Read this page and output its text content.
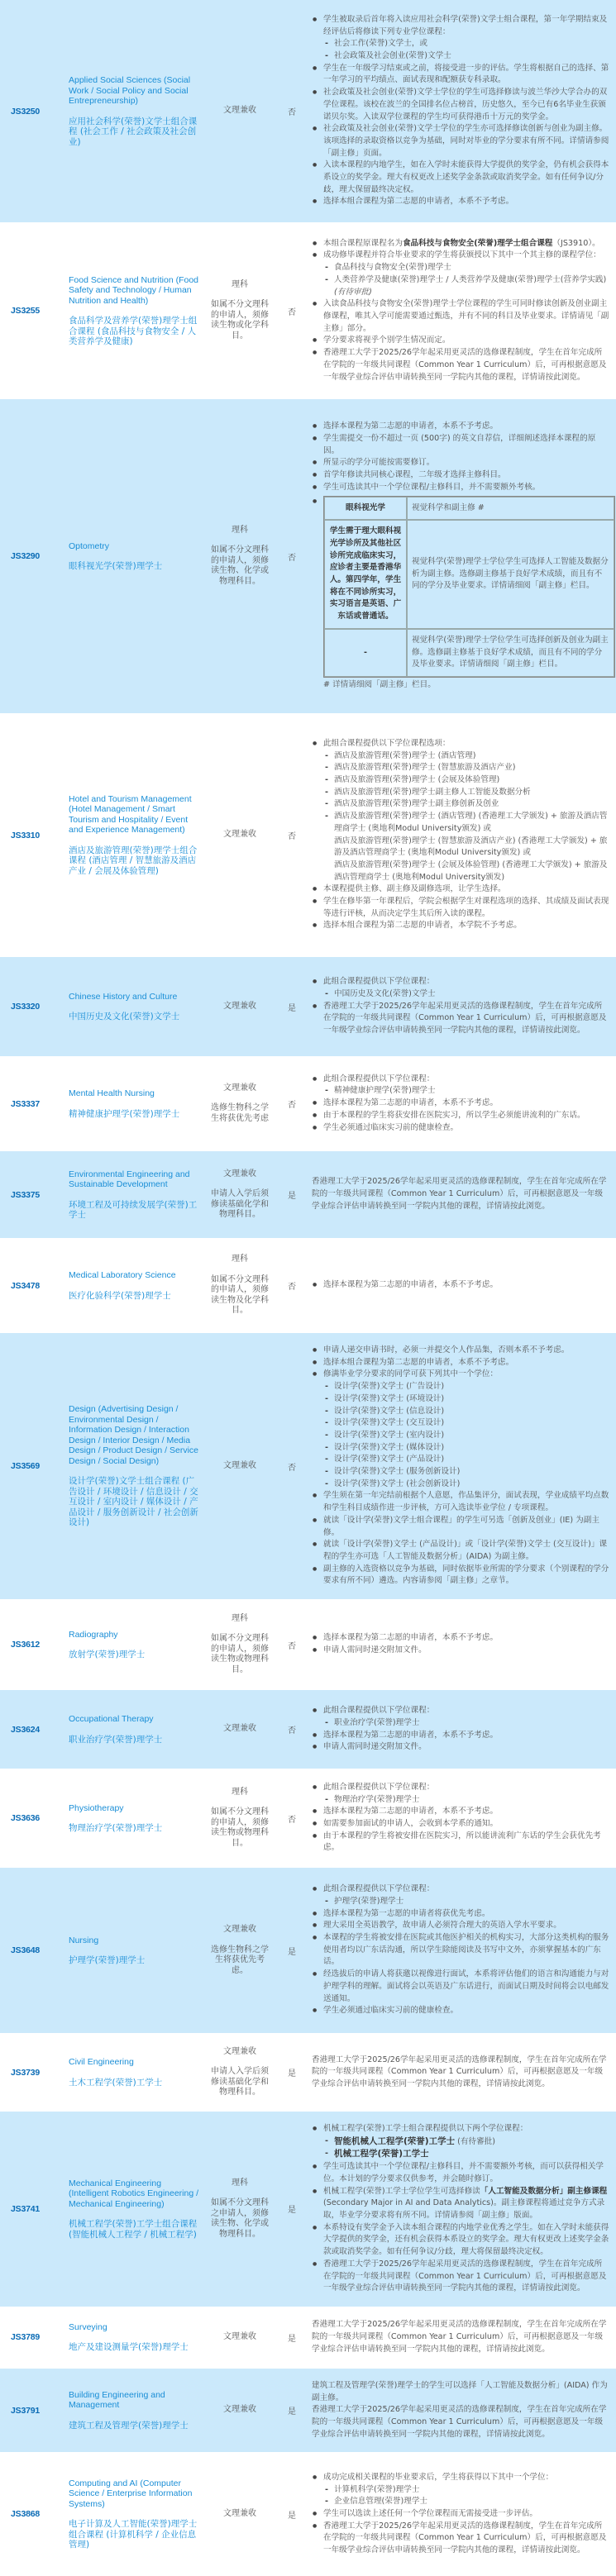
JS3250	
Applied Social Sciences (Social Work / Social Policy and Social Entrepreneurship)
应用社会科学(荣誉)文学士组合课程 (社会工作 / 社会政策及社会创业)

文理兼收	否	
● 学生被取录后首年将入读应用社会科学(荣誉)文学士组合课程，第一年学期结束及经评估后将修读下列专业学位课程：
- 社会工作(荣誉)文学士，或
- 社会政策及社会创业(荣誉)文学士
● 学生在一年级学习结束或之前，将接受进一步的评估。学生将根据自己的选择、第一年学习的平均绩点、面试表现和配额获专科录取。
● 社会政策及社会创业(荣誉)文学士学位的学生可选择修读与波兰华沙大学合办的双学位课程。该校在波兰的全国排名位占榜首，历史悠久，至今已有6名毕业生获颁诺贝尔奖。入读双学位课程的学生均可获得港币十万元的奖学金。
● 社会政策及社会创业(荣誉)文学士学位的学生亦可选择修读创新与创业为副主修。该项选择的录取资格以竞争为基础，同时对毕业的学分要求有所不同。详情请参阅「副主修」页面。
● 入读本课程的内地学生，如在入学时未能获得大学提供的奖学金，仍有机会获得本系设立的奖学金。理大有权更改上述奖学金条款或取消奖学金。如有任何争议/分歧，理大保留最终决定权。
● 选择本组合课程为第二志愿的申请者，本系不予考虑。

JS3255	
Food Science and Nutrition (Food Safety and Technology / Human Nutrition and Health)
食品科学及营养学(荣誉)理学士组合课程 (食品科技与食物安全 / 人类营养学及健康)

理科
如属不分文理科的申请人，须修读生物或化学科目。
	否	
● 本组合课程原课程名为食品科技与食物安全(荣誉)理学士组合课程（JS3910）。
● 成功修毕课程并符合毕业要求的学生将获颁授以下其中一个其主修的课程学位：
- 食品科技与食物安全(荣誉)理学士
- 人类营养学及健康(荣誉)理学士 / 人类营养学及健康(荣誉)理学士(营养学实践)
(有待审批)
● 入读食品科技与食物安全(荣誉)理学士学位课程的学生可同时修读创新及创业副主修课程，唯其入学可能需要通过甄选，并有不同的科目及毕业要求。详情请见「副主修」部分。
● 学分要求将视乎个别学生情况而定。
● 香港理工大学于2025/26学年起采用更灵活的选修课程制度，学生在首年完成所在学院的一年级共同课程（Common Year 1 Curriculum）后，可再根据意愿及一年级学业综合评估申请转换至同一学院内其他的课程，详情请按此浏览。

JS3290	
Optometry
眼科视光学(荣誉)理学士

理科
如属不分文理科的申请人，须修读生物、化学或物理科目。
	否	
● 选择本课程为第二志愿的申请者，本系不予考虑。
● 学生需提交一份不超过一页 (500字) 的英文自荐信，详细阐述选择本课程的原因。
● 所显示的学分可能按需要修订。
● 首学年修读共同核心课程，二年级才选择主修科目。
● 学生可选读其中一个学位课程/主修科目，并不需要额外考核。
● 眼科视光学	视觉科学和副主修 #
学生需于理大眼科视光学诊所及其他社区诊所完成临床实习，应诊者主要是香港华人。第四学年，学生将在不同诊所实习，实习语言是英语、广东话或普通话。	视觉科学(荣誉)理学士学位学生可选择人工智能及数据分析为副主修。选修副主修基于良好学术成绩，而且有不同的学分及毕业要求。详情请细阅「副主修」栏目。
-	视觉科学(荣誉)理学士学位学生可选择创新及创业为副主修。选修副主修基于良好学术成绩，而且有不同的学分及毕业要求。详情请细阅「副主修」栏目。
# 详情请细阅「副主修」栏目。

JS3310	
Hotel and Tourism Management (Hotel Management / Smart Tourism and Hospitality / Event and Experience Management)
酒店及旅游管理(荣誉)理学士组合课程 (酒店管理 / 智慧旅游及酒店产业 / 会展及体验管理)

文理兼收	否	
● 此组合课程提供以下学位课程选项：
- 酒店及旅游管理(荣誉)理学士 (酒店管理)
- 酒店及旅游管理(荣誉)理学士 (智慧旅游及酒店产业)
- 酒店及旅游管理(荣誉)理学士 (会展及体验管理)
- 酒店及旅游管理(荣誉)理学士副主修人工智能及数据分析
- 酒店及旅游管理(荣誉)理学士副主修创新及创业
- 酒店及旅游管理(荣誉)理学士 (酒店管理) (香港理工大学颁发) + 旅游及酒店管理商学士 (奥地利Modul University颁发) 或
酒店及旅游管理(荣誉)理学士 (智慧旅游及酒店产业) (香港理工大学颁发) + 旅游及酒店管理商学士 (奥地利Modul University颁发) 或
酒店及旅游管理(荣誉)理学士 (会展及体验管理) (香港理工大学颁发) + 旅游及酒店管理商学士 (奥地利Modul University颁发)
● 本课程提供主修、副主修及副修选项，让学生选择。
● 学生在修毕第一年课程后，学院会根据学生对课程选项的选择、其成绩及面试表现等进行评核，从而决定学生其后所入读的课程。
● 选择本组合课程为第二志愿的申请者，本学院不予考虑。

JS3320	
Chinese History and Culture
中国历史及文化(荣誉)文学士

文理兼收	是	
● 此组合课程提供以下学位课程：
- 中国历史及文化(荣誉)文学士
● 香港理工大学于2025/26学年起采用更灵活的选修课程制度，学生在首年完成所在学院的一年级共同课程（Common Year 1 Curriculum）后，可再根据意愿及一年级学业综合评估申请转换至同一学院内其他的课程，详情请按此浏览。

JS3337	
Mental Health Nursing
精神健康护理学(荣誉)理学士

文理兼收
选修生物科之学生将获优先考虑
	否	
● 此组合课程提供以下学位课程：
- 精神健康护理学(荣誉)理学士
● 选择本课程为第二志愿的申请者，本系不予考虑。
● 由于本课程的学生将获安排在医院实习，所以学生必须能讲流利的广东话。
● 学生必须通过临床实习前的健康检查。

JS3375	
Environmental Engineering and Sustainable Development
环境工程及可持续发展学(荣誉)工学士

文理兼收
申请人入学后须修读基础化学和物理科目。
	是	

香港理工大学于2025/26学年起采用更灵活的选修课程制度，学生在首年完成所在学院的一年级共同课程（Common Year 1 Curriculum）后，可再根据意愿及一年级学业综合评估申请转换至同一学院内其他的课程，详情请按此浏览。

JS3478	
Medical Laboratory Science
医疗化验科学(荣誉)理学士

理科
如属不分文理科的申请人，须修读生物及化学科目。
	否	
●选择本课程为第二志愿的申请者，本系不予考虑。

JS3569	
Design (Advertising Design / Environmental Design / Information Design / Interaction Design / Interior Design / Media Design / Product Design / Service Design / Social Design)
设计学(荣誉)文学士组合课程 (广告设计 / 环境设计 / 信息设计 / 交互设计 / 室内设计 / 媒体设计 / 产品设计 / 服务创新设计 / 社会创新设计)

文理兼收	否	
● 申请人递交申请书时，必须一并提交个人作品集，否则本系不予考虑。
● 选择本组合课程为第二志愿的申请者，本系不予考虑。
● 修满毕业学分要求的同学可获下列其中一个学位：
- 设计学(荣誉)文学士 (广告设计)
- 设计学(荣誉)文学士 (环境设计)
- 设计学(荣誉)文学士 (信息设计)
- 设计学(荣誉)文学士 (交互设计)
- 设计学(荣誉)文学士 (室内设计)
- 设计学(荣誉)文学士 (媒体设计)
- 设计学(荣誉)文学士 (产品设计)
- 设计学(荣誉)文学士 (服务创新设计)
- 设计学(荣誉)文学士 (社会创新设计)
● 学生须在第一年完结前根据个人意愿，作品集评分，面试表现，学业成绩平均点数和学生科目成绩作进一步评核，方可入选读毕业学位 / 专项课程。
● 就读「设计学(荣誉)文学士组合课程」的学生可另选「创新及创业」(IE) 为副主修。
● 就读「设计学(荣誉)文学士 (产品设计)」或「设计学(荣誉)文学士 (交互设计)」课程的学生亦可选「人工智能及数据分析」(AIDA) 为副主修。
● 副主修的入选资格以竞争为基础，同时依据毕业所需的学分要求（个别课程的学分要求有所不同）遴选。内容请参阅「副主修」之章节。

JS3612	
Radiography
放射学(荣誉)理学士

理科
如属不分文理科的申请人，须修读生物或物理科目。
	否	
● 选择本课程为第二志愿的申请者，本系不予考虑。
● 申请人需同时递交附加文件。

JS3624	
Occupational Therapy
职业治疗学(荣誉)理学士

文理兼收	否	
● 此组合课程提供以下学位课程：
- 职业治疗学(荣誉)理学士
● 选择本课程为第二志愿的申请者，本系不予考虑。
● 申请人需同时递交附加文件。

JS3636	
Physiotherapy
物理治疗学(荣誉)理学士

理科
如属不分文理科的申请人，须修读生物或物理科目。
	否	
● 此组合课程提供以下学位课程：
- 物理治疗学(荣誉)理学士
● 选择本课程为第二志愿的申请者，本系不予考虑。
● 如需要参加面试的申请人，会收到本学系的通知。
● 由于本课程的学生将被安排在医院实习，所以能讲流利广东话的学生会获优先考虑。

JS3648	
Nursing
护理学(荣誉)理学士

文理兼收
选修生物科之学生将获优先考虑。
	是	
● 此组合课程提供以下学位课程：
- 护理学(荣誉)理学士
● 选择本课程为第一志愿的申请者将获优先考虑。
● 理大采用全英语教学，故申请人必须符合理大的英语入学水平要求。
● 本课程的学生将被安排在医院或其他医护相关的机构实习，大部分这类机构的服务使用者均以广东话沟通，所以学生除能阅读及书写中文外，亦须掌握基本的广东话。
● 经选拔后的申请人将获邀以视像进行面试，本系将评估他们的语言和沟通能力与对护理学科的理解。面试将会以英语及广东话进行，而面试日期及时间将会以电邮发送通知。
● 学生必须通过临床实习前的健康检查。

JS3739	
Civil Engineering
土木工程学(荣誉)工学士

文理兼收
申请人入学后须修读基础化学和物理科目。
	是	

香港理工大学于2025/26学年起采用更灵活的选修课程制度，学生在首年完成所在学院的一年级共同课程（Common Year 1 Curriculum）后，可再根据意愿及一年级学业综合评估申请转换至同一学院内其他的课程，详情请按此浏览。

JS3741	
Mechanical Engineering (Intelligent Robotics Engineering / Mechanical Engineering)
机械工程学(荣誉)工学士组合课程 (智能机械人工程学 / 机械工程学)

理科
如属不分文理科之申请人，须修读生物、化学或物理科目。
	是	
● 机械工程学(荣誉)工学士组合课程提供以下两个学位课程：
- 智能机械人工程学(荣誉)工学士 (有待審批)
- 机械工程学(荣誉)工学士
● 学生可选读其中一个学位课程/主修科目，并不需要额外考核，而可以获得相关学位。本计划的学分要求仅供参考，并会随时修订。
● 机械工程学(荣誉)工学士学位学生可选择修读「人工智能及数据分析」副主修课程 (Secondary Major in AI and Data Analytics)。副主修课程将通过竞争方式录取，毕业学分要求将有所不同。详情请参阅「副主修」版面。
● 本系特设有奖学金予入读本组合课程的内地学业优秀之学生。如在入学时未能获得大学提供的奖学金，还有机会获得本系设立的奖学金。理大有权更改上述奖学金条款或取消奖学金。如有任何争议/分歧，理大将保留最终决定权。
● 香港理工大学于2025/26学年起采用更灵活的选修课程制度，学生在首年完成所在学院的一年级共同课程（Common Year 1 Curriculum）后，可再根据意愿及一年级学业综合评估申请转换至同一学院内其他的课程，详情请按此浏览。

JS3789	
Surveying
地产及建设测量学(荣誉)理学士

文理兼收	是	

香港理工大学于2025/26学年起采用更灵活的选修课程制度，学生在首年完成所在学院的一年级共同课程（Common Year 1 Curriculum）后，可再根据意愿及一年级学业综合评估申请转换至同一学院内其他的课程，详情请按此浏览。

JS3791	
Building Engineering and Management
建筑工程及管理学(荣誉)理学士

文理兼收	是	

建筑工程及管理学(荣誉)理学士的学生可以选择「人工智能及数据分析」(AIDA) 作为副主修。
香港理工大学于2025/26学年起采用更灵活的选修课程制度，学生在首年完成所在学院的一年级共同课程（Common Year 1 Curriculum）后，可再根据意愿及一年级学业综合评估申请转换至同一学院内其他的课程，详情请按此浏览。

JS3868	
Computing and AI (Computer Science / Enterprise Information Systems)
电子计算及人工智能(荣誉)理学士组合课程 (计算机科学 / 企业信息管理)

文理兼收	是	
● 成功完成相关课程的毕业要求后，学生将获得以下其中一个学位：
- 计算机科学(荣誉)理学士
- 企业信息管理(荣誉)理学士
● 学生可以选读上述任何一个学位课程而无需接受进一步评估。
● 香港理工大学于2025/26学年起采用更灵活的选修课程制度，学生在首年完成所在学院的一年级共同课程（Common Year 1 Curriculum）后，可再根据意愿及一年级学业综合评估申请转换至同一学院内其他的课程，详情请按此浏览。
